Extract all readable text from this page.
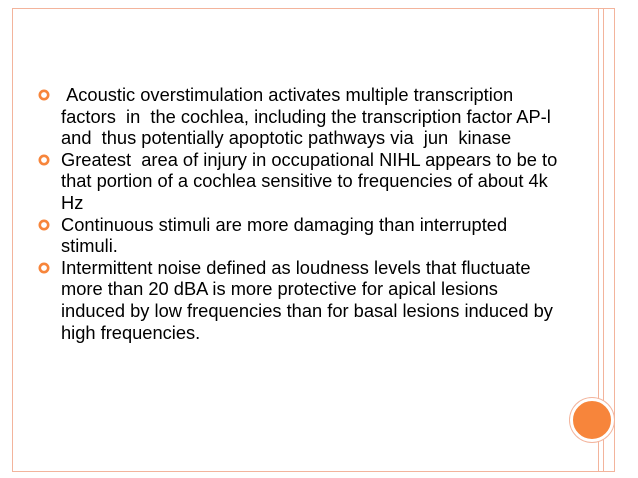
Acoustic overstimulation activates multiple transcription factors  in  the cochlea, including the transcription factor AP-l  and  thus potentially apoptotic pathways via  jun  kinase
Greatest  area of injury in occupational NIHL appears to be to that portion of a cochlea sensitive to frequencies of about 4k Hz
Continuous stimuli are more damaging than interrupted stimuli.
Intermittent noise defined as loudness levels that fluctuate more than 20 dBA is more protective for apical lesions induced by low frequencies than for basal lesions induced by high frequencies.
